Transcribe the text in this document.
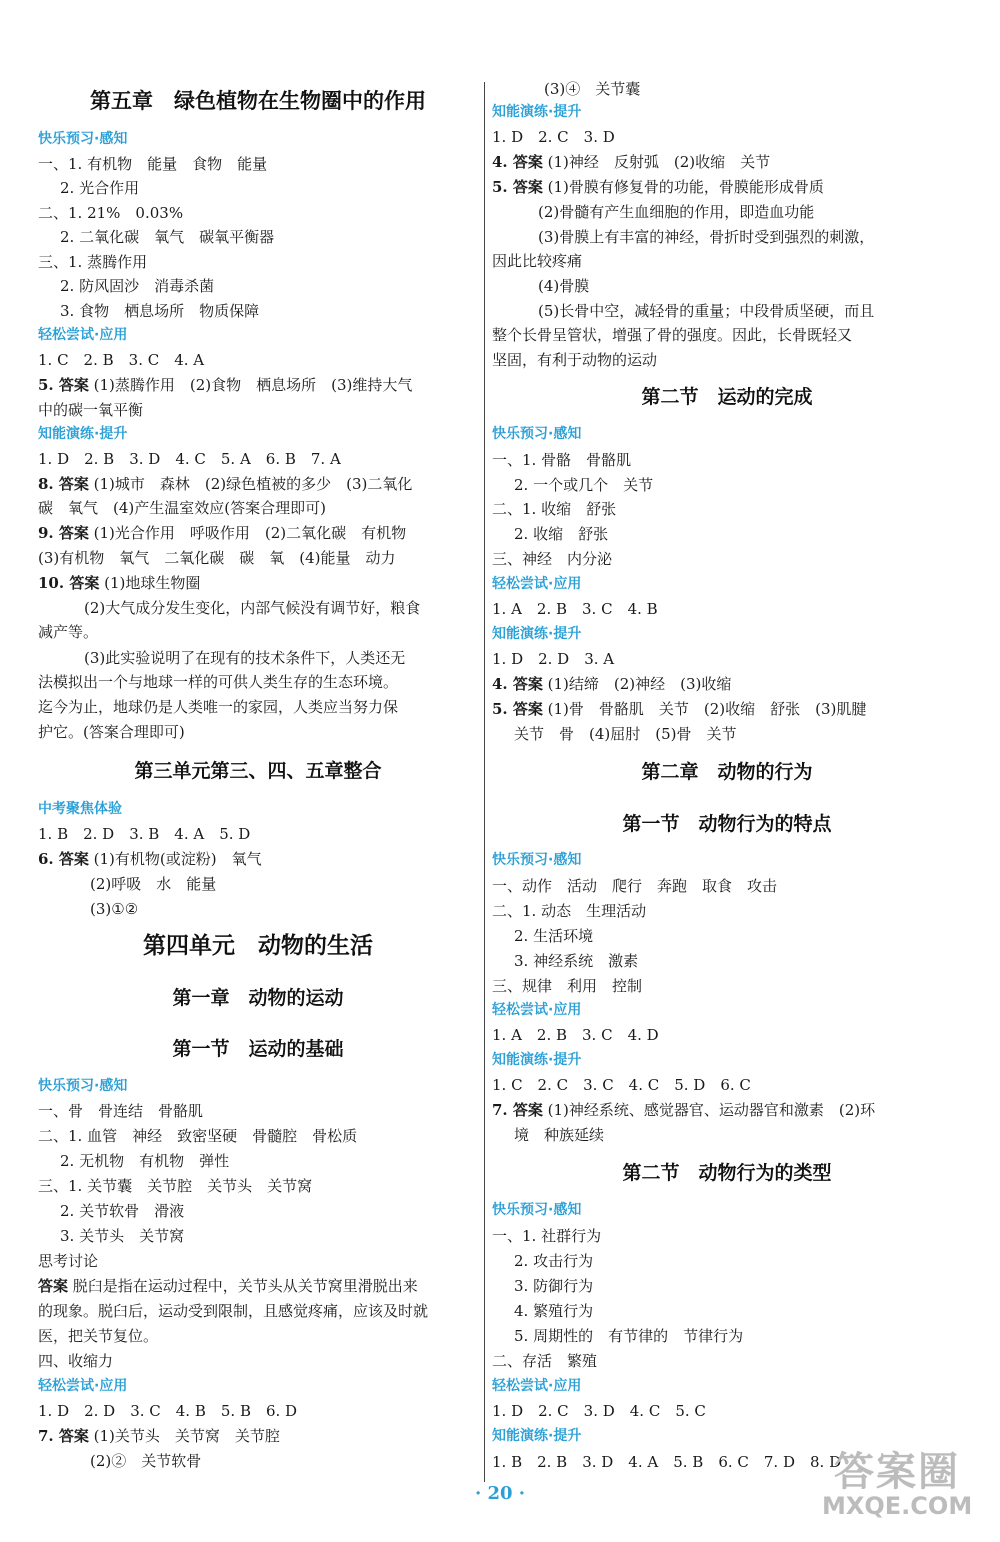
第五章　绿色植物在生物圈中的作用
快乐预习·感知
一、1. 有机物　能量　食物　能量
2. 光合作用
二、1. 21%　0.03%
2. 二氧化碳　氧气　碳氧平衡器
三、1. 蒸腾作用
2. 防风固沙　消毒杀菌
3. 食物　栖息场所　物质保障
轻松尝试·应用
1. C　2. B　3. C　4. A
5. 答案 (1)蒸腾作用　(2)食物　栖息场所　(3)维持大气
中的碳一氧平衡
知能演练·提升
1. D　2. B　3. D　4. C　5. A　6. B　7. A
8. 答案 (1)城市　森林　(2)绿色植被的多少　(3)二氧化
碳　氧气　(4)产生温室效应(答案合理即可)
9. 答案 (1)光合作用　呼吸作用　(2)二氧化碳　有机物
(3)有机物　氧气　二氧化碳　碳　氧　(4)能量　动力
10. 答案 (1)地球生物圈
(2)大气成分发生变化，内部气候没有调节好，粮食
减产等。
(3)此实验说明了在现有的技术条件下，人类还无
法模拟出一个与地球一样的可供人类生存的生态环境。
迄今为止，地球仍是人类唯一的家园，人类应当努力保
护它。(答案合理即可)
第三单元第三、四、五章整合
中考聚焦体验
1. B　2. D　3. B　4. A　5. D
6. 答案 (1)有机物(或淀粉)　氧气
(2)呼吸　水　能量
(3)①②
第四单元　动物的生活
第一章　动物的运动
第一节　运动的基础
快乐预习·感知
一、骨　骨连结　骨骼肌
二、1. 血管　神经　致密坚硬　骨髓腔　骨松质
2. 无机物　有机物　弹性
三、1. 关节囊　关节腔　关节头　关节窝
2. 关节软骨　滑液
3. 关节头　关节窝
思考讨论
答案 脱臼是指在运动过程中，关节头从关节窝里滑脱出来
的现象。脱臼后，运动受到限制，且感觉疼痛，应该及时就
医，把关节复位。
四、收缩力
轻松尝试·应用
1. D　2. D　3. C　4. B　5. B　6. D
7. 答案 (1)关节头　关节窝　关节腔
(2)②　关节软骨
(3)④　关节囊
知能演练·提升
1. D　2. C　3. D
4. 答案 (1)神经　反射弧　(2)收缩　关节
5. 答案 (1)骨膜有修复骨的功能，骨膜能形成骨质
(2)骨髓有产生血细胞的作用，即造血功能
(3)骨膜上有丰富的神经，骨折时受到强烈的刺激，
因此比较疼痛
(4)骨膜
(5)长骨中空，减轻骨的重量；中段骨质坚硬，而且
整个长骨呈管状，增强了骨的强度。因此，长骨既轻又
坚固，有利于动物的运动
第二节　运动的完成
快乐预习·感知
一、1. 骨骼　骨骼肌
2. 一个或几个　关节
二、1. 收缩　舒张
2. 收缩　舒张
三、神经　内分泌
轻松尝试·应用
1. A　2. B　3. C　4. B
知能演练·提升
1. D　2. D　3. A
4. 答案 (1)结缔　(2)神经　(3)收缩
5. 答案 (1)骨　骨骼肌　关节　(2)收缩　舒张　(3)肌腱
关节　骨　(4)屈肘　(5)骨　关节
第二章　动物的行为
第一节　动物行为的特点
快乐预习·感知
一、动作　活动　爬行　奔跑　取食　攻击
二、1. 动态　生理活动
2. 生活环境
3. 神经系统　激素
三、规律　利用　控制
轻松尝试·应用
1. A　2. B　3. C　4. D
知能演练·提升
1. C　2. C　3. C　4. C　5. D　6. C
7. 答案 (1)神经系统、感觉器官、运动器官和激素　(2)环
境　种族延续
第二节　动物行为的类型
快乐预习·感知
一、1. 社群行为
2. 攻击行为
3. 防御行为
4. 繁殖行为
5. 周期性的　有节律的　节律行为
二、存活　繁殖
轻松尝试·应用
1. D　2. C　3. D　4. C　5. C
知能演练·提升
1. B　2. B　3. D　4. A　5. B　6. C　7. D　8. D
· 20 ·	答案圈
MXQE.COM
